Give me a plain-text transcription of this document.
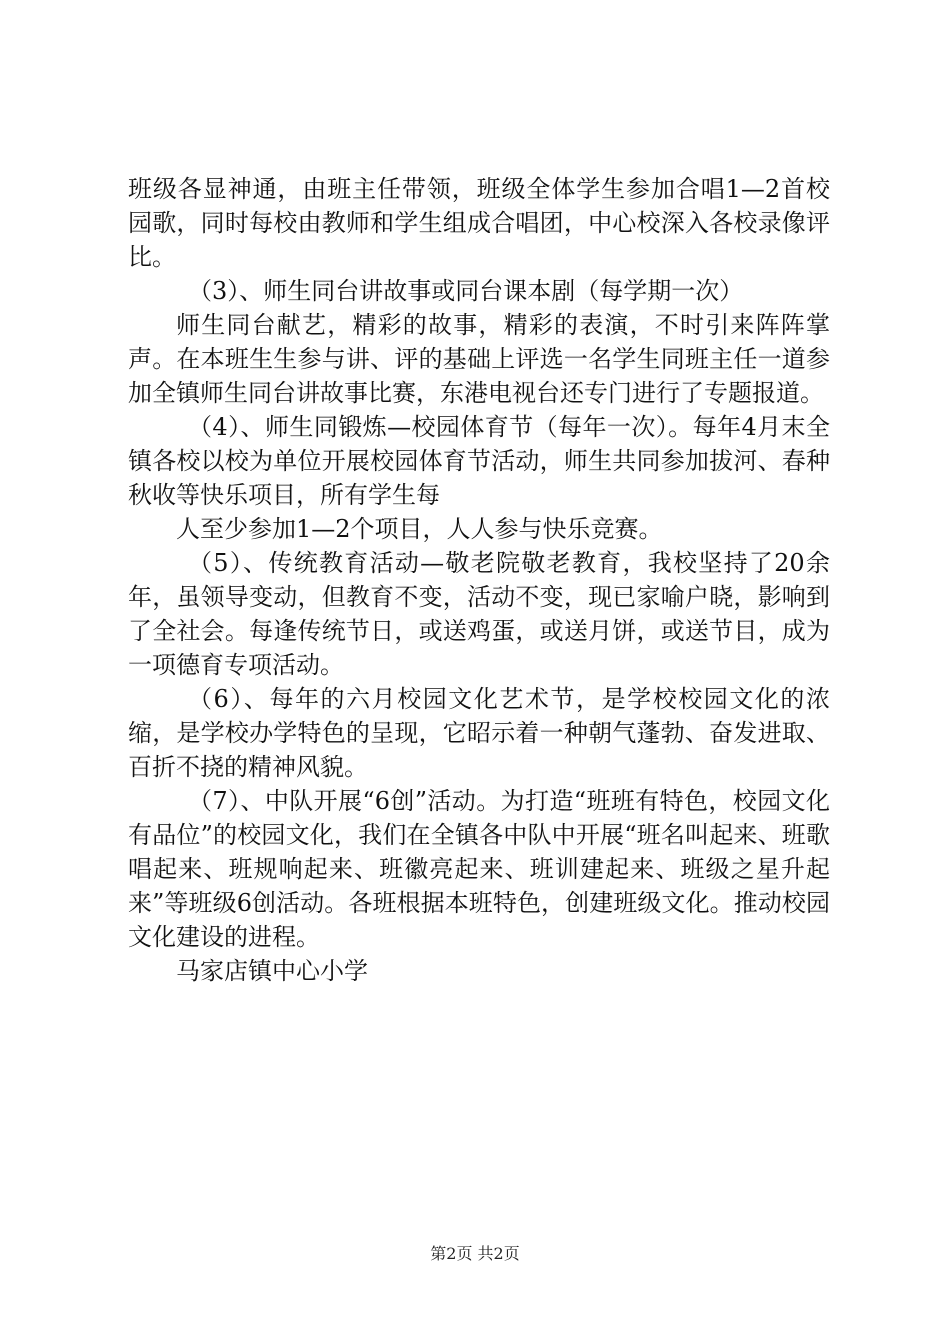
班级各显神通，由班主任带领，班级全体学生参加合唱1—2首校园歌，同时每校由教师和学生组成合唱团，中心校深入各校录像评比。

（3）、师生同台讲故事或同台课本剧（每学期一次）

师生同台献艺，精彩的故事，精彩的表演，不时引来阵阵掌声。在本班生生参与讲、评的基础上评选一名学生同班主任一道参加全镇师生同台讲故事比赛，东港电视台还专门进行了专题报道。

（4）、师生同锻炼—校园体育节（每年一次）。每年4月末全镇各校以校为单位开展校园体育节活动，师生共同参加拔河、春种秋收等快乐项目，所有学生每

人至少参加1—2个项目，人人参与快乐竞赛。

（5）、传统教育活动—敬老院敬老教育，我校坚持了20余年，虽领导变动，但教育不变，活动不变，现已家喻户晓，影响到了全社会。每逢传统节日，或送鸡蛋，或送月饼，或送节目，成为一项德育专项活动。

（6）、每年的六月校园文化艺术节，是学校校园文化的浓缩，是学校办学特色的呈现，它昭示着一种朝气蓬勃、奋发进取、百折不挠的精神风貌。

（7）、中队开展“6创”活动。为打造“班班有特色，校园文化有品位”的校园文化，我们在全镇各中队中开展“班名叫起来、班歌唱起来、班规响起来、班徽亮起来、班训建起来、班级之星升起来”等班级6创活动。各班根据本班特色，创建班级文化。推动校园文化建设的进程。

马家店镇中心小学

第2页 共2页
